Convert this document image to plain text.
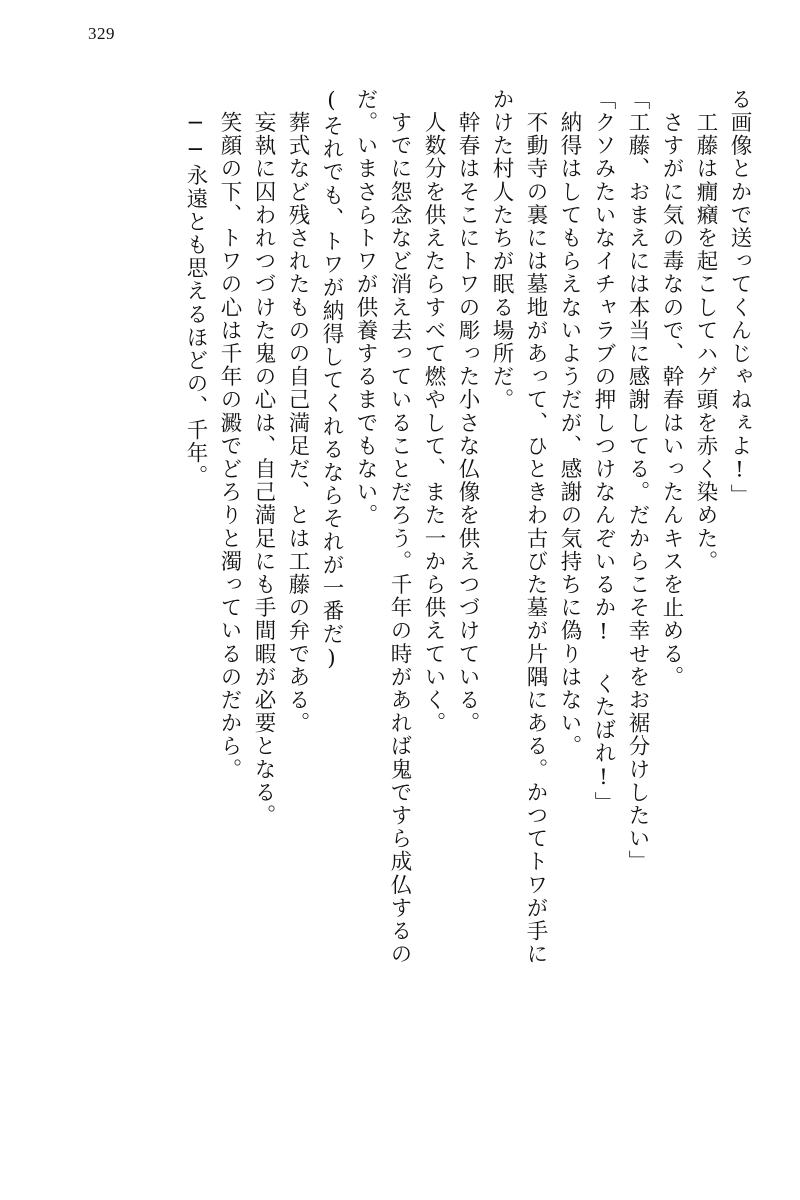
329
る画像とかで送ってくんじゃねぇよ!」
　工藤は癇癪を起こしてハゲ頭を赤く染めた。
　さすがに気の毒なので、幹春はいったんキスを止める。
「工藤、おまえには本当に感謝してる。だからこそ幸せをお裾分けしたい」
「クソみたいなイチャラブの押しつけなんぞいるか! くたばれ!」
　納得はしてもらえないようだが、感謝の気持ちに偽りはない。
　不動寺の裏には墓地があって、ひときわ古びた墓が片隅にある。かつてトワが手に
かけた村人たちが眠る場所だ。
　幹春はそこにトワの彫った小さな仏像を供えつづけている。
　人数分を供えたらすべて燃やして、また一から供えていく。
　すでに怨念など消え去っていることだろう。千年の時があれば鬼ですら成仏するの
だ。いまさらトワが供養するまでもない。
(それでも、トワが納得してくれるならそれが一番だ)
　葬式など残されたものの自己満足だ、とは工藤の弁である。
　妄執に囚われつづけた鬼の心は、自己満足にも手間暇が必要となる。
　笑顔の下、トワの心は千年の澱でどろりと濁っているのだから。
　──永遠とも思えるほどの、千年。
